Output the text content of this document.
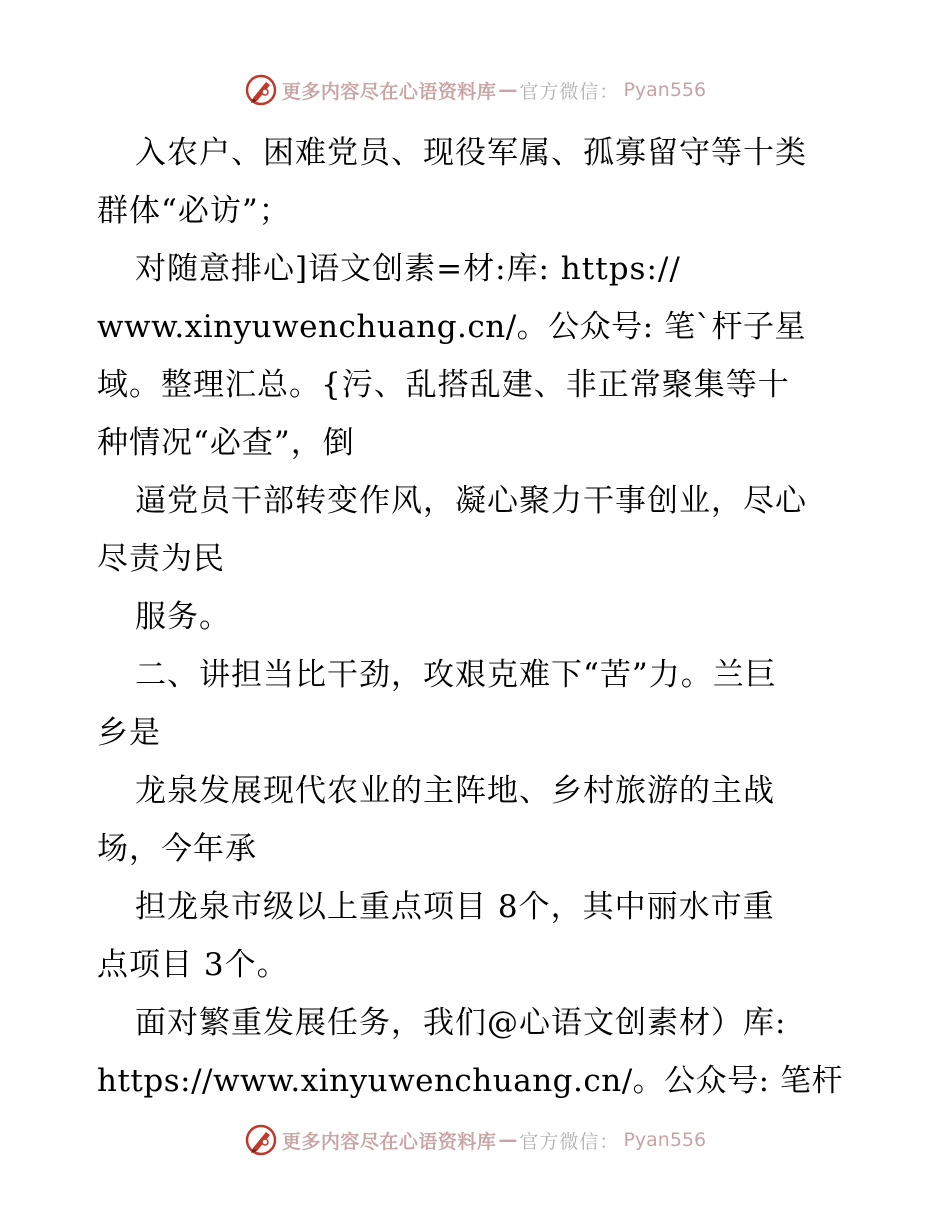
更多内容尽在心语资料库 — 官方微信： Pyan556
入农户、困难党员、现役军属、孤寡留守等十类
群体“必访”；
对随意排心]语文创素=材:库: https://
www.xinyuwenchuang.cn/。公众号: 笔`杆子星
域。整理汇总。{污、乱搭乱建、非正常聚集等十
种情况“必查”，倒
逼党员干部转变作风，凝心聚力干事创业，尽心
尽责为民
服务。
二、讲担当比干劲，攻艰克难下“苦”力。兰巨
乡是
龙泉发展现代农业的主阵地、乡村旅游的主战
场，今年承
担龙泉市级以上重点项目 8个，其中丽水市重
点项目 3个。
面对繁重发展任务，我们@心语文创素材）库:
https://www.xinyuwenchuang.cn/。公众号: 笔杆
更多内容尽在心语资料库 — 官方微信： Pyan556
